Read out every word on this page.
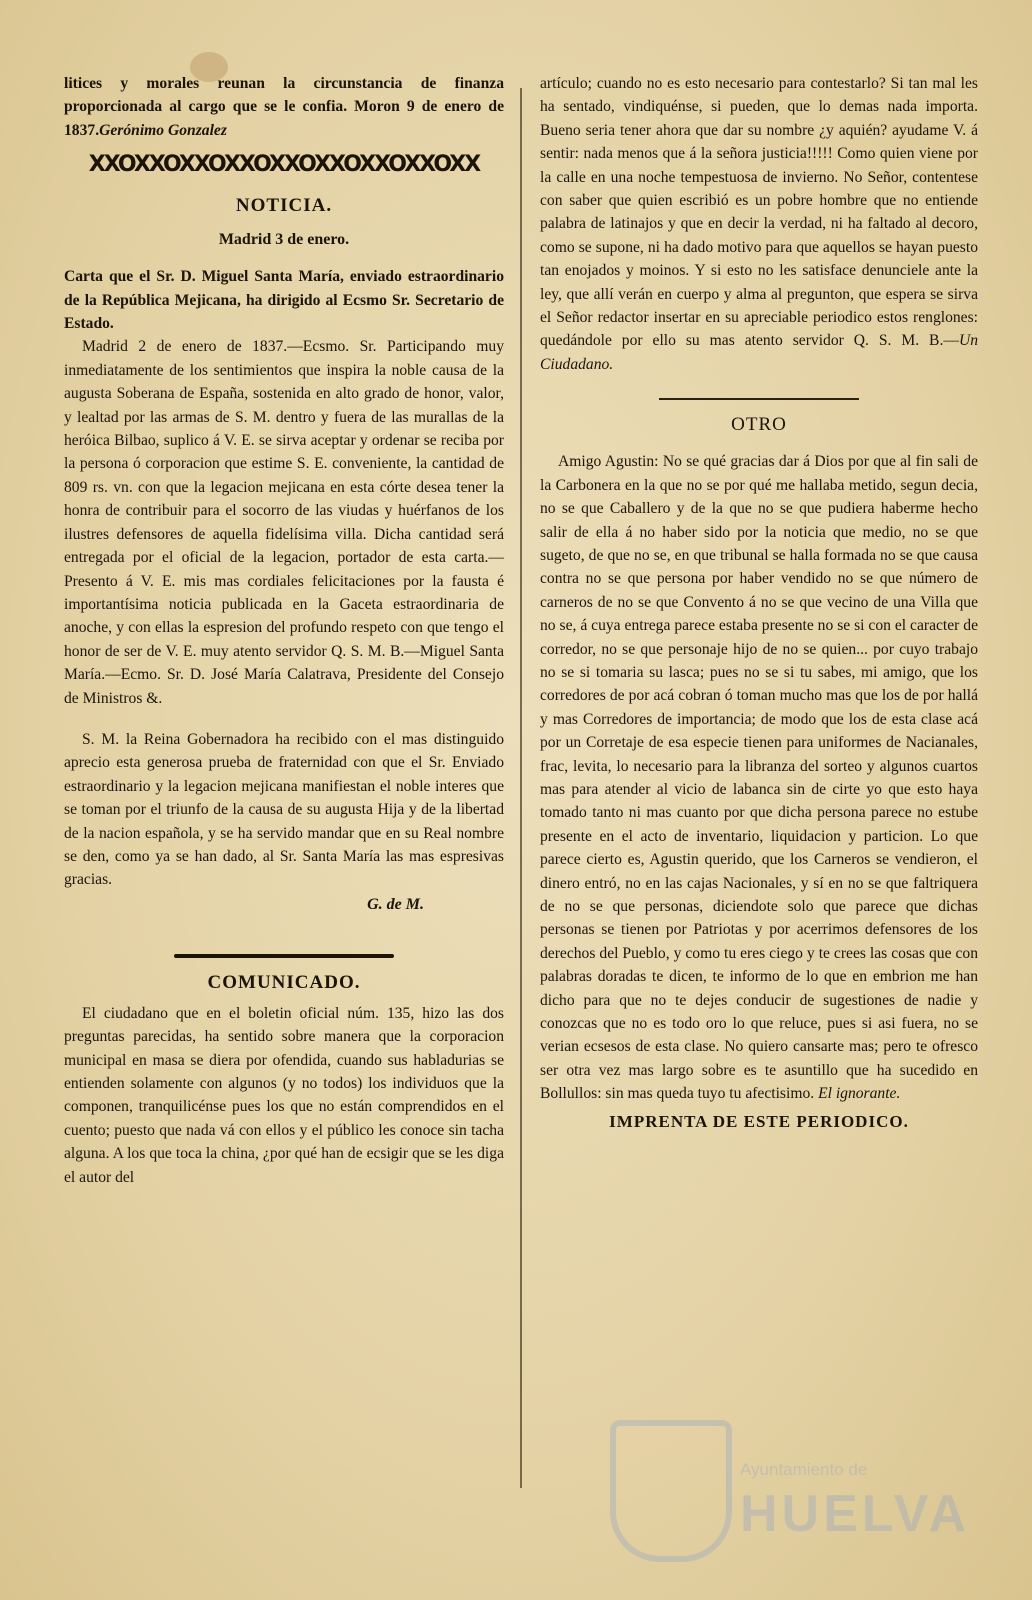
litices y morales reunan la circunstancia de finanza proporcionada al cargo que se le confia. Moron 9 de enero de 1837.Gerónimo Gonzalez

XXOXXOXXOXXOXXOXXOXXOXXOXX
NOTICIA.
Madrid 3 de enero.

Carta que el Sr. D. Miguel Santa María, enviado estraordinario de la República Mejicana, ha dirigido al Ecsmo Sr. Secretario de Estado.

Madrid 2 de enero de 1837.—Ecsmo. Sr. Participando muy inmediatamente de los sentimientos que inspira la noble causa de la augusta Soberana de España, sostenida en alto grado de honor, valor, y lealtad por las armas de S. M. dentro y fuera de las murallas de la heróica Bilbao, suplico á V. E. se sirva aceptar y ordenar se reciba por la persona ó corporacion que estime S. E. conveniente, la cantidad de 809 rs. vn. con que la legacion mejicana en esta córte desea tener la honra de contribuir para el socorro de las viudas y huérfanos de los ilustres defensores de aquella fidelísima villa. Dicha cantidad será entregada por el oficial de la legacion, portador de esta carta.—Presento á V. E. mis mas cordiales felicitaciones por la fausta é importantísima noticia publicada en la Gaceta estraordinaria de anoche, y con ellas la espresion del profundo respeto con que tengo el honor de ser de V. E. muy atento servidor Q. S. M. B.—Miguel Santa María.—Ecmo. Sr. D. José María Calatrava, Presidente del Consejo de Ministros &.

S. M. la Reina Gobernadora ha recibido con el mas distinguido aprecio esta generosa prueba de fraternidad con que el Sr. Enviado estraordinario y la legacion mejicana manifiestan el noble interes que se toman por el triunfo de la causa de su augusta Hija y de la libertad de la nacion española, y se ha servido mandar que en su Real nombre se den, como ya se han dado, al Sr. Santa María las mas espresivas gracias.

G. de M.
COMUNICADO.

El ciudadano que en el boletin oficial núm. 135, hizo las dos preguntas parecidas, ha sentido sobre manera que la corporacion municipal en masa se diera por ofendida, cuando sus habladurias se entienden solamente con algunos (y no todos) los individuos que la componen, tranquilicénse pues los que no están comprendidos en el cuento; puesto que nada vá con ellos y el público les conoce sin tacha alguna. A los que toca la china, ¿por qué han de ecsigir que se les diga el autor del

artículo; cuando no es esto necesario para contestarlo? Si tan mal les ha sentado, vindiquénse, si pueden, que lo demas nada importa. Bueno seria tener ahora que dar su nombre ¿y aquién? ayudame V. á sentir: nada menos que á la señora justicia!!!!! Como quien viene por la calle en una noche tempestuosa de invierno. No Señor, contentese con saber que quien escribió es un pobre hombre que no entiende palabra de latinajos y que en decir la verdad, ni ha faltado al decoro, como se supone, ni ha dado motivo para que aquellos se hayan puesto tan enojados y moinos. Y si esto no les satisface denunciele ante la ley, que allí verán en cuerpo y alma al pregunton, que espera se sirva el Señor redactor insertar en su apreciable periodico estos renglones: quedándole por ello su mas atento servidor Q. S. M. B.—Un Ciudadano.

OTRO

Amigo Agustin: No se qué gracias dar á Dios por que al fin sali de la Carbonera en la que no se por qué me hallaba metido, segun decia, no se que Caballero y de la que no se que pudiera haberme hecho salir de ella á no haber sido por la noticia que medio, no se que sugeto, de que no se, en que tribunal se halla formada no se que causa contra no se que persona por haber vendido no se que número de carneros de no se que Convento á no se que vecino de una Villa que no se, á cuya entrega parece estaba presente no se si con el caracter de corredor, no se que personaje hijo de no se quien... por cuyo trabajo no se si tomaria su lasca; pues no se si tu sabes, mi amigo, que los corredores de por acá cobran ó toman mucho mas que los de por hallá y mas Corredores de importancia; de modo que los de esta clase acá por un Corretaje de esa especie tienen para uniformes de Nacianales, frac, levita, lo necesario para la libranza del sorteo y algunos cuartos mas para atender al vicio de labanca sin de cirte yo que esto haya tomado tanto ni mas cuanto por que dicha persona parece no estube presente en el acto de inventario, liquidacion y particion. Lo que parece cierto es, Agustin querido, que los Carneros se vendieron, el dinero entró, no en las cajas Nacionales, y sí en no se que faltriquera de no se que personas, diciendote solo que parece que dichas personas se tienen por Patriotas y por acerrimos defensores de los derechos del Pueblo, y como tu eres ciego y te crees las cosas que con palabras doradas te dicen, te informo de lo que en embrion me han dicho para que no te dejes conducir de sugestiones de nadie y conozcas que no es todo oro lo que reluce, pues si asi fuera, no se verian ecsesos de esta clase. No quiero cansarte mas; pero te ofresco ser otra vez mas largo sobre es te asuntillo que ha sucedido en Bollullos: sin mas queda tuyo tu afectisimo. El ignorante.

IMPRENTA DE ESTE PERIODICO.
Ayuntamiento de
HUELVA
